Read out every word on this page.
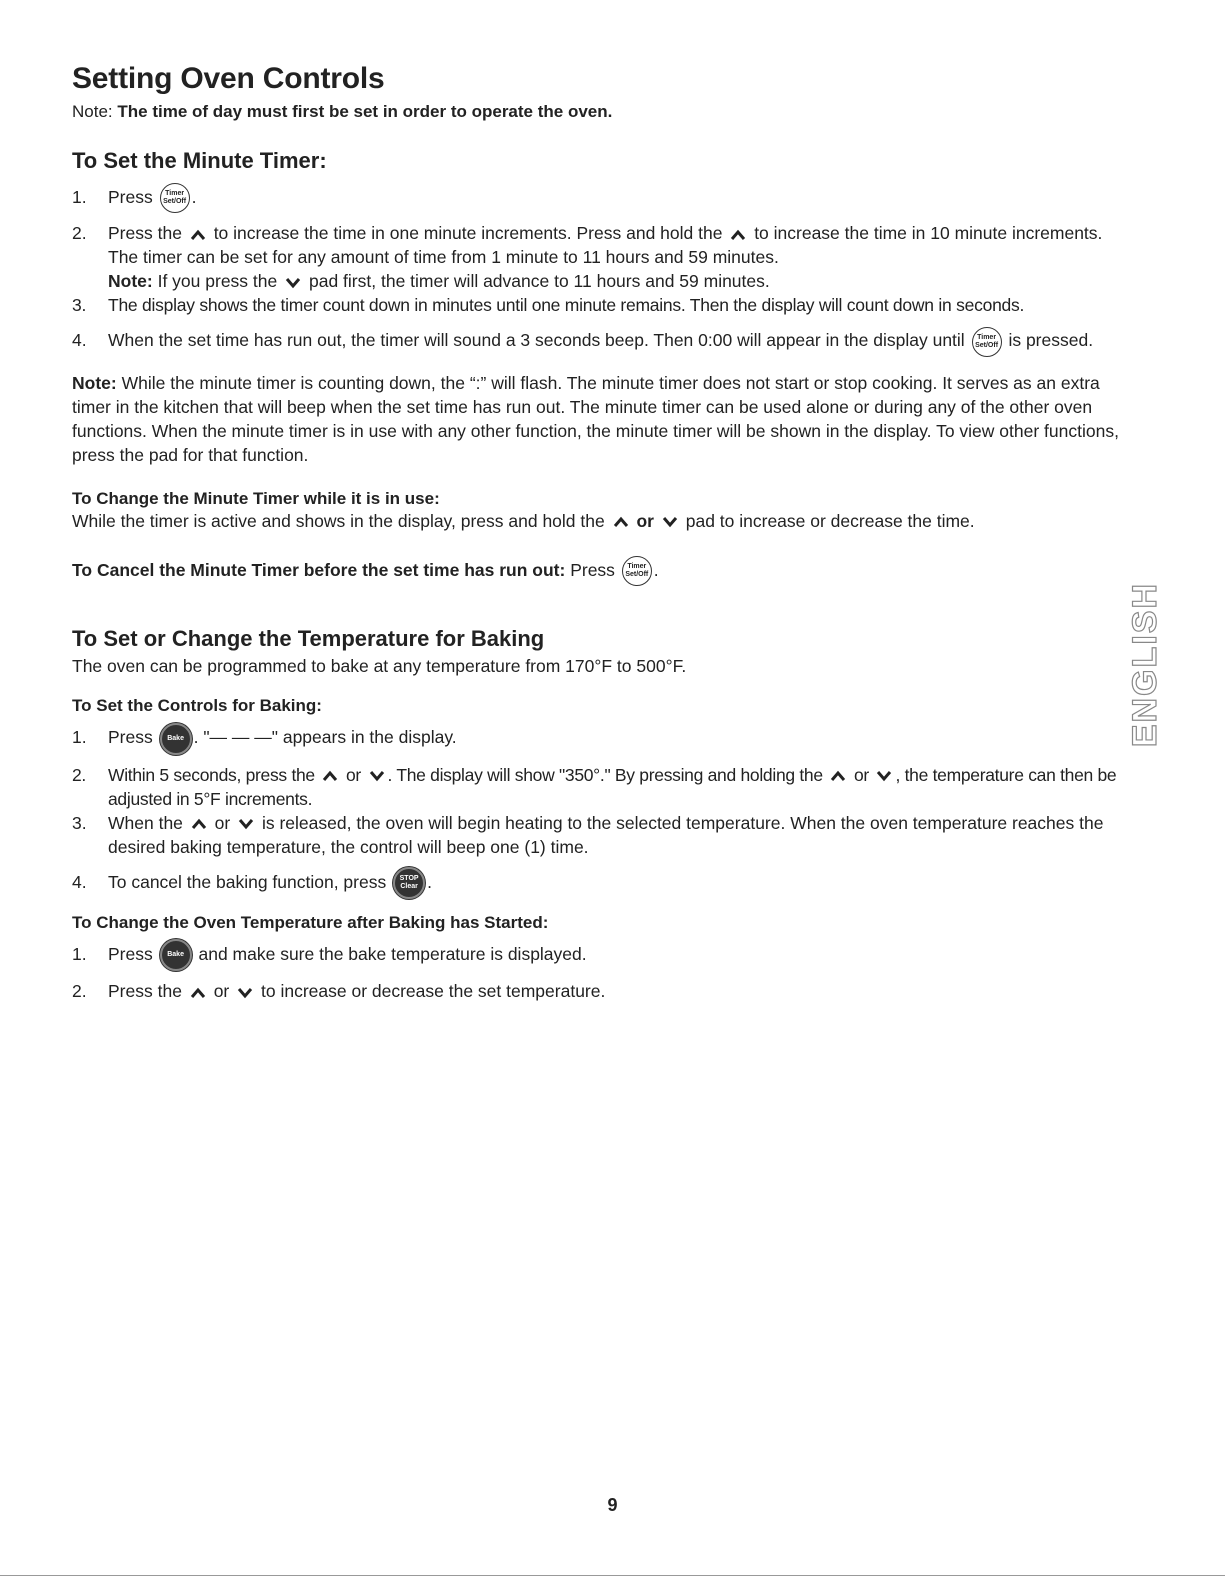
Setting Oven Controls

Note: The time of day must first be set in order to operate the oven.

To Set the Minute Timer:
1. Press Timer
Set/Off .
2. Press the to increase the time in one minute increments. Press and hold the to increase the time in 10 minute increments. The timer can be set for any amount of time from 1 minute to 11 hours and 59 minutes.
Note: If you press the pad first, the timer will advance to 11 hours and 59 minutes.
3. The display shows the timer count down in minutes until one minute remains. Then the display will count down in seconds.
4. When the set time has run out, the timer will sound a 3 seconds beep. Then 0:00 will appear in the display until Timer
Set/Off is pressed.

Note: While the minute timer is counting down, the “:” will flash. The minute timer does not start or stop cooking. It serves as an extra timer in the kitchen that will beep when the set time has run out. The minute timer can be used alone or during any of the other oven functions. When the minute timer is in use with any other function, the minute timer will be shown in the display. To view other functions, press the pad for that function.

To Change the Minute Timer while it is in use:

While the timer is active and shows in the display, press and hold the or pad to increase or decrease the time.

To Cancel the Minute Timer before the set time has run out: Press Timer
Set/Off .

To Set or Change the Temperature for Baking

The oven can be programmed to bake at any temperature from 170°F to 500°F.

To Set the Controls for Baking:
1. Press Bake . "— — —" appears in the display.
2. Within 5 seconds, press the or . The display will show "350°." By pressing and holding the or , the temperature can then be adjusted in 5°F increments.
3. When the or is released, the oven will begin heating to the selected temperature. When the oven temperature reaches the desired baking temperature, the control will beep one (1) time.
4. To cancel the baking function, press STOP
Clear .
To Change the Oven Temperature after Baking has Started:
1. Press Bake and make sure the bake temperature is displayed.
2. Press the or to increase or decrease the set temperature.
ENGLISH
9
